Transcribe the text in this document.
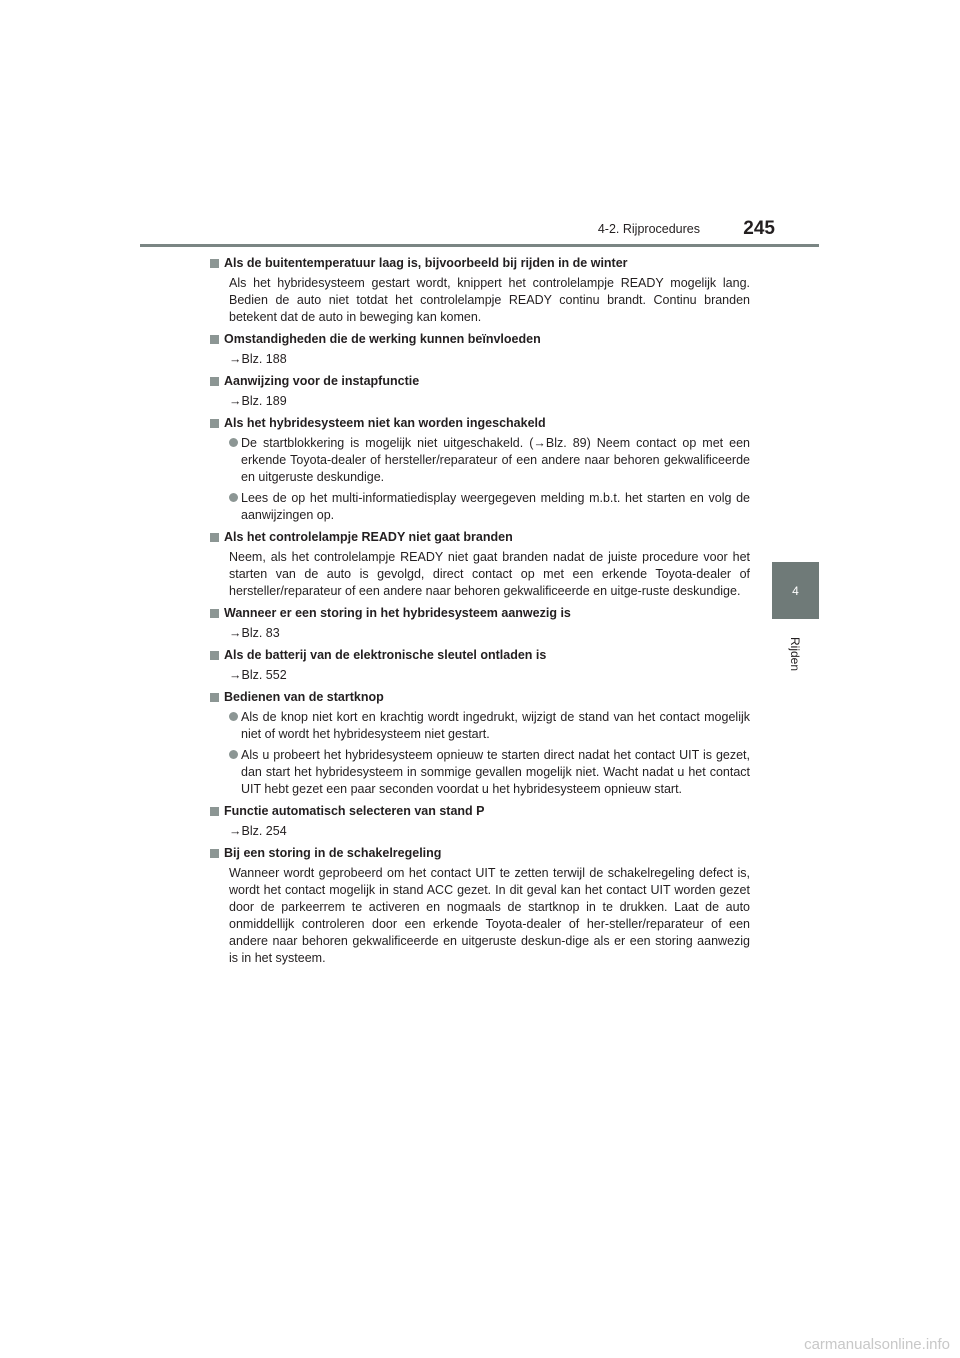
4-2. Rijprocedures	245
4
Rijden

Als de buitentemperatuur laag is, bijvoorbeeld bij rijden in de winter

Als het hybridesysteem gestart wordt, knippert het controlelampje READY mogelijk lang. Bedien de auto niet totdat het controlelampje READY continu brandt. Continu branden betekent dat de auto in beweging kan komen.

Omstandigheden die de werking kunnen beïnvloeden

→Blz. 188

Aanwijzing voor de instapfunctie

→Blz. 189

Als het hybridesysteem niet kan worden ingeschakeld

De startblokkering is mogelijk niet uitgeschakeld. (→Blz. 89) Neem contact op met een erkende Toyota-dealer of hersteller/reparateur of een andere naar behoren gekwalificeerde en uitgeruste deskundige.

Lees de op het multi-informatiedisplay weergegeven melding m.b.t. het starten en volg de aanwijzingen op.

Als het controlelampje READY niet gaat branden

Neem, als het controlelampje READY niet gaat branden nadat de juiste procedure voor het starten van de auto is gevolgd, direct contact op met een erkende Toyota-dealer of hersteller/reparateur of een andere naar behoren gekwalificeerde en uitge-ruste deskundige.

Wanneer er een storing in het hybridesysteem aanwezig is

→Blz. 83

Als de batterij van de elektronische sleutel ontladen is

→Blz. 552

Bedienen van de startknop

Als de knop niet kort en krachtig wordt ingedrukt, wijzigt de stand van het contact mogelijk niet of wordt het hybridesysteem niet gestart.

Als u probeert het hybridesysteem opnieuw te starten direct nadat het contact UIT is gezet, dan start het hybridesysteem in sommige gevallen mogelijk niet. Wacht nadat u het contact UIT hebt gezet een paar seconden voordat u het hybridesysteem opnieuw start.

Functie automatisch selecteren van stand P

→Blz. 254

Bij een storing in de schakelregeling

Wanneer wordt geprobeerd om het contact UIT te zetten terwijl de schakelregeling defect is, wordt het contact mogelijk in stand ACC gezet. In dit geval kan het contact UIT worden gezet door de parkeerrem te activeren en nogmaals de startknop in te drukken. Laat de auto onmiddellijk controleren door een erkende Toyota-dealer of her-steller/reparateur of een andere naar behoren gekwalificeerde en uitgeruste deskun-dige als er een storing aanwezig is in het systeem.

carmanualsonline.info
